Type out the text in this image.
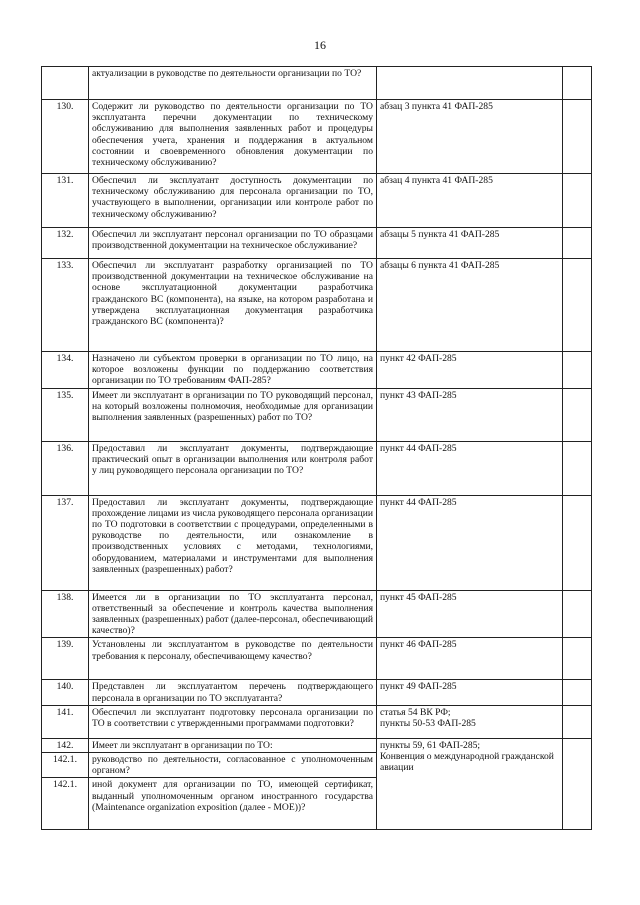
16
	актуализации в руководстве по деятельности организации по ТО?		
130.	Содержит ли руководство по деятельности организации по ТО эксплуатанта перечни документации по техническому обслуживанию для выполнения заявленных работ и процедуры обеспечения учета, хранения и поддержания в актуальном состоянии и своевременного обновления документации по техническому обслуживанию?	абзац 3 пункта 41 ФАП-285	
131.	Обеспечил ли эксплуатант доступность документации по техническому обслуживанию для персонала организации по ТО, участвующего в выполнении, организации или контроле работ по техническому обслуживанию?	абзац 4 пункта 41 ФАП-285	
132.	Обеспечил ли эксплуатант персонал организации по ТО образцами производственной документации на техническое обслуживание?	абзацы 5 пункта 41 ФАП-285	
133.	Обеспечил ли эксплуатант разработку организацией по ТО производственной документации на техническое обслуживание на основе эксплуатационной документации разработчика гражданского ВС (компонента), на языке, на котором разработана и утверждена эксплуатационная документация разработчика гражданского ВС (компонента)?	абзацы 6 пункта 41 ФАП-285	
134.	Назначено ли субъектом проверки в организации по ТО лицо, на которое возложены функции по поддержанию соответствия организации по ТО требованиям ФАП-285?	пункт 42 ФАП-285	
135.	Имеет ли эксплуатант в организации по ТО руководящий персонал, на который возложены полномочия, необходимые для организации выполнения заявленных (разрешенных) работ по ТО?	пункт 43 ФАП-285	
136.	Предоставил ли эксплуатант документы, подтверждающие практический опыт в организации выполнения или контроля работ у лиц руководящего персонала организации по ТО?	пункт 44 ФАП-285	
137.	Предоставил ли эксплуатант документы, подтверждающие прохождение лицами из числа руководящего персонала организации по ТО подготовки в соответствии с процедурами, определенными в руководстве по деятельности, или ознакомление в производственных условиях с методами, технологиями, оборудованием, материалами и инструментами для выполнения заявленных (разрешенных) работ?	пункт 44 ФАП-285	
138.	Имеется ли в организации по ТО эксплуатанта персонал, ответственный за обеспечение и контроль качества выполнения заявленных (разрешенных) работ (далее-персонал, обеспечивающий качество)?	пункт 45 ФАП-285	
139.	Установлены ли эксплуатантом в руководстве по деятельности требования к персоналу, обеспечивающему качество?	пункт 46 ФАП-285	
140.	Представлен ли эксплуатантом перечень подтверждающего персонала в организации по ТО эксплуатанта?	пункт 49 ФАП-285	
141.	Обеспечил ли эксплуатант подготовку персонала организации по ТО в соответствии с утвержденными программами подготовки?	статья 54 ВК РФ;
пункты 50-53 ФАП-285	
142.	Имеет ли эксплуатант в организации по ТО:	пункты 59, 61 ФАП-285;
Конвенция о международной гражданской авиации	
142.1.	руководство по деятельности, согласованное с уполномоченным органом?		
142.1.	иной документ для организации по ТО, имеющей сертификат, выданный уполномоченным органом иностранного государства (Maintenance organization exposition (далее - МОЕ))?		
